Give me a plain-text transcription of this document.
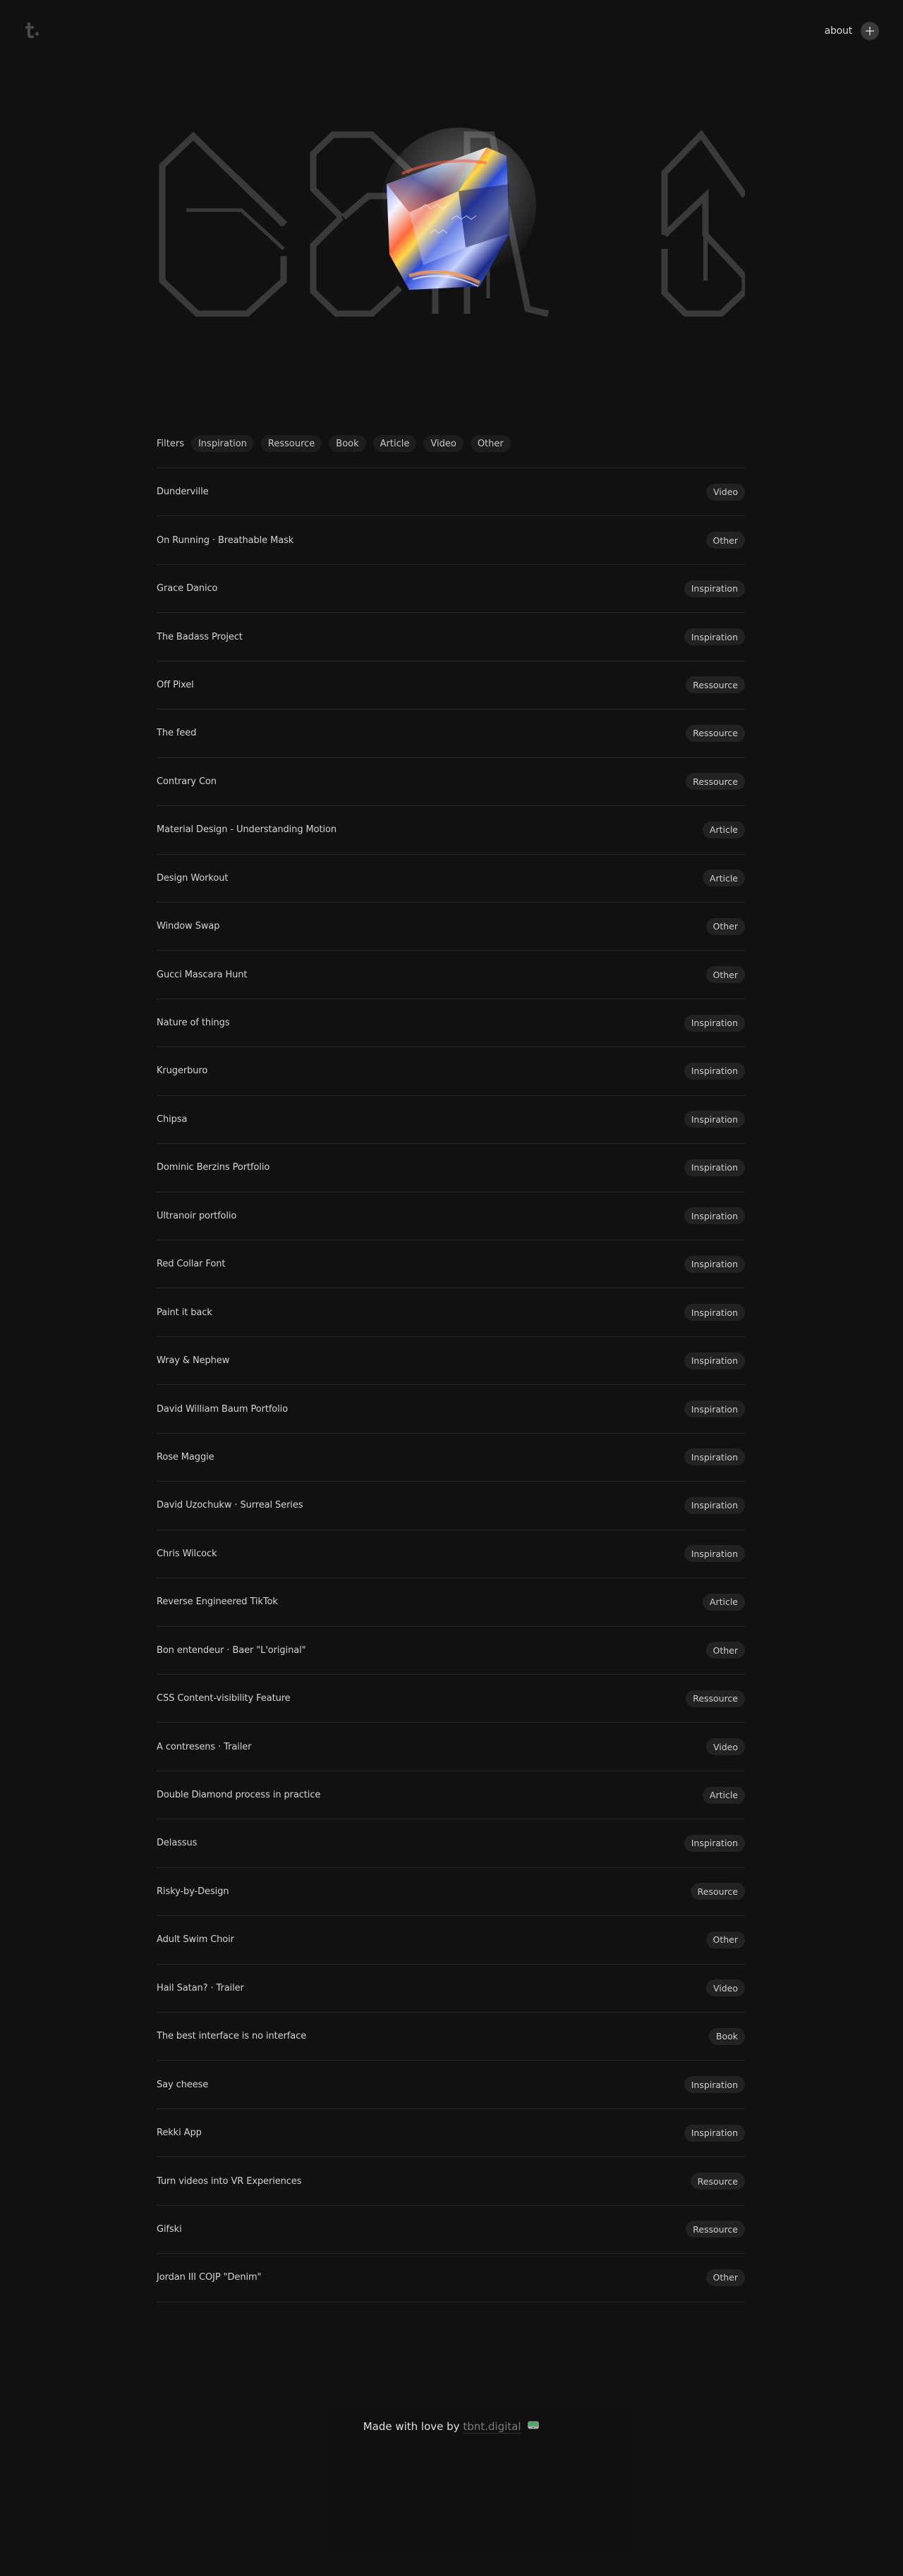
about
Filters	Inspiration	Ressource	Book	Article	Video	Other
Dunderville	Video
On Running · Breathable Mask	Other
Grace Danico	Inspiration
The Badass Project	Inspiration
Off Pixel	Ressource
The feed	Ressource
Contrary Con	Ressource
Material Design - Understanding Motion	Article
Design Workout	Article
Window Swap	Other
Gucci Mascara Hunt	Other
Nature of things	Inspiration
Krugerburo	Inspiration
Chipsa	Inspiration
Dominic Berzins Portfolio	Inspiration
Ultranoir portfolio	Inspiration
Red Collar Font	Inspiration
Paint it back	Inspiration
Wray & Nephew	Inspiration
David William Baum Portfolio	Inspiration
Rose Maggie	Inspiration
David Uzochukw · Surreal Series	Inspiration
Chris Wilcock	Inspiration
Reverse Engineered TikTok	Article
Bon entendeur · Baer "L'original"	Other
CSS Content-visibility Feature	Ressource
A contresens · Trailer	Video
Double Diamond process in practice	Article
Delassus	Inspiration
Risky-by-Design	Resource
Adult Swim Choir	Other
Hail Satan? · Trailer	Video
The best interface is no interface	Book
Say cheese	Inspiration
Rekki App	Inspiration
Turn videos into VR Experiences	Resource
Gifski	Ressource
Jordan III COJP "Denim"	Other
Made with love by tbnt.digital
